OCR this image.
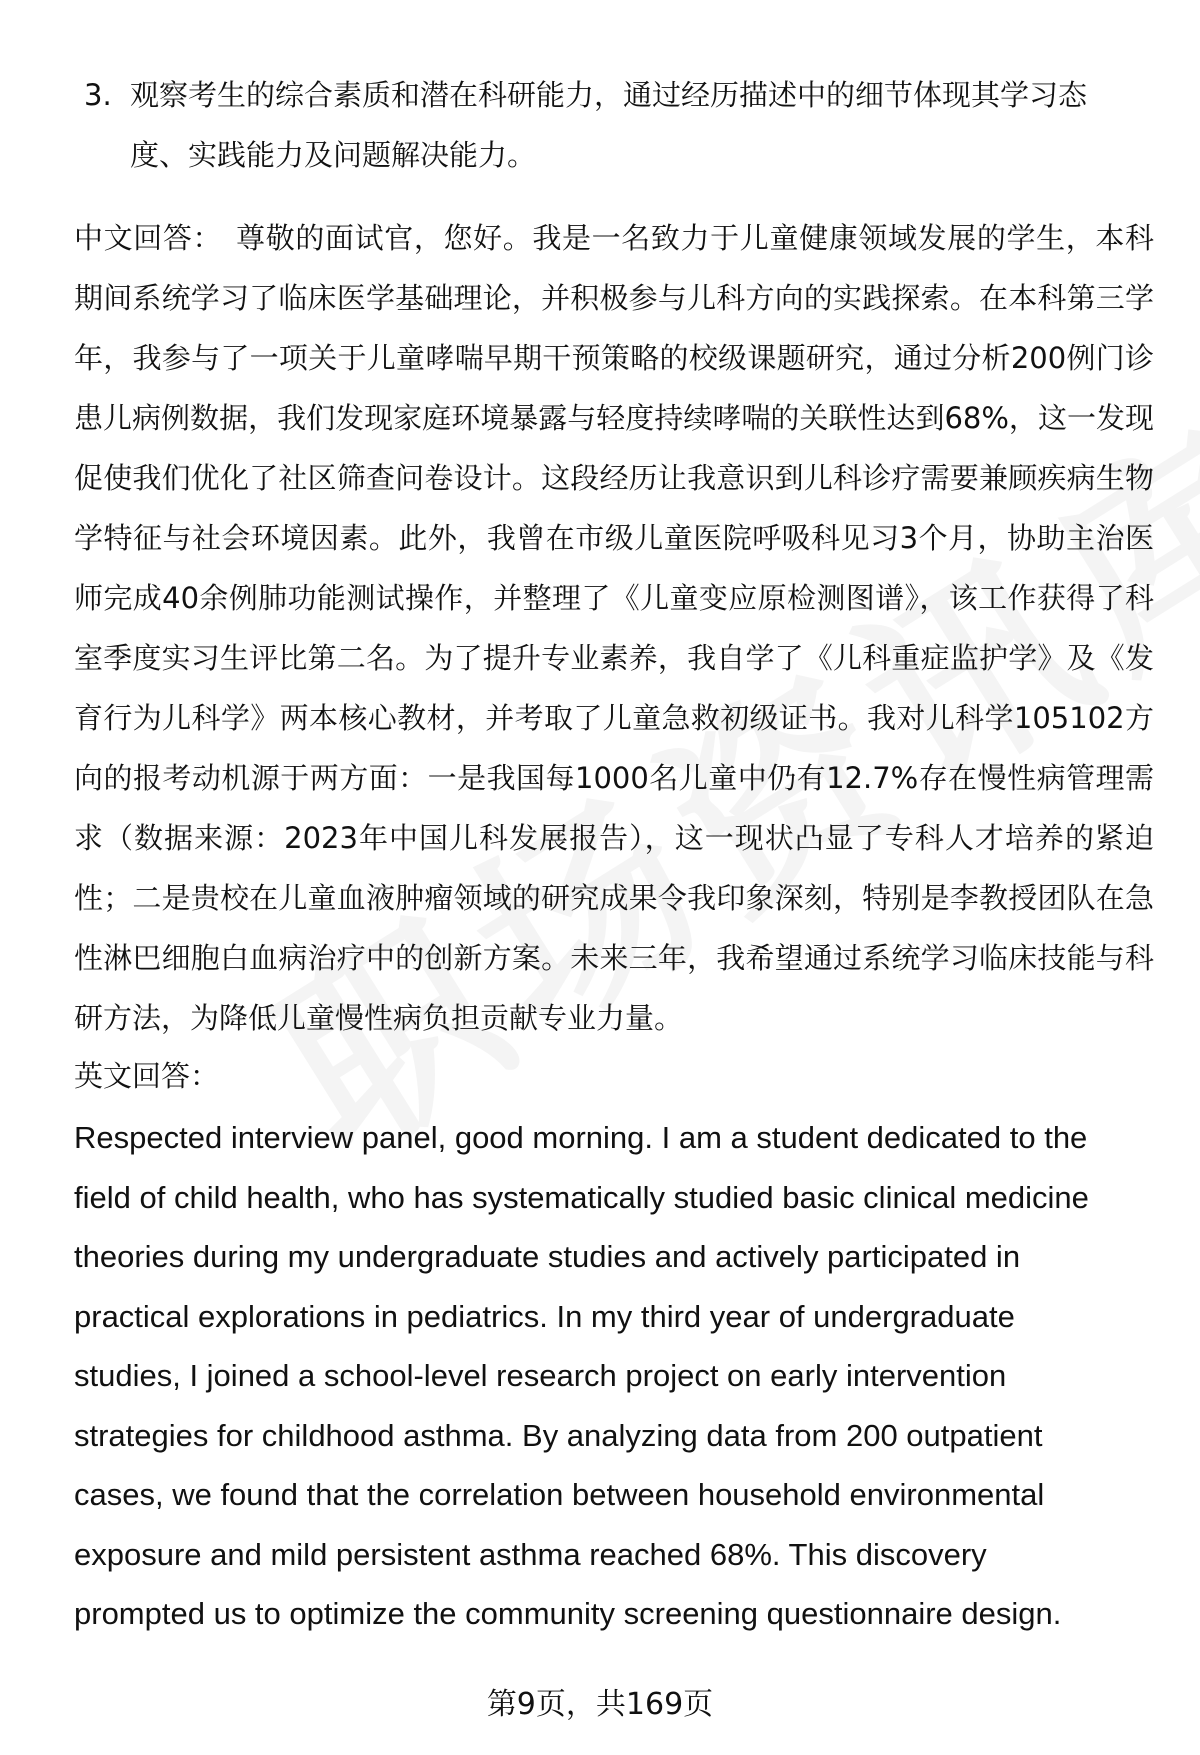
3. 观察考生的综合素质和潜在科研能力，通过经历描述中的细节体现其学习态度、实践能力及问题解决能力。
中文回答： 尊敬的面试官，您好。我是一名致力于儿童健康领域发展的学生，本科期间系统学习了临床医学基础理论，并积极参与儿科方向的实践探索。在本科第三学年，我参与了一项关于儿童哮喘早期干预策略的校级课题研究，通过分析200例门诊患儿病例数据，我们发现家庭环境暴露与轻度持续哮喘的关联性达到68%，这一发现促使我们优化了社区筛查问卷设计。这段经历让我意识到儿科诊疗需要兼顾疾病生物学特征与社会环境因素。此外，我曾在市级儿童医院呼吸科见习3个月，协助主治医师完成40余例肺功能测试操作，并整理了《儿童变应原检测图谱》，该工作获得了科室季度实习生评比第二名。为了提升专业素养，我自学了《儿科重症监护学》及《发育行为儿科学》两本核心教材，并考取了儿童急救初级证书。我对儿科学105102方向的报考动机源于两方面：一是我国每1000名儿童中仍有12.7%存在慢性病管理需求（数据来源：2023年中国儿科发展报告），这一现状凸显了专科人才培养的紧迫性；二是贵校在儿童血液肿瘤领域的研究成果令我印象深刻，特别是李教授团队在急性淋巴细胞白血病治疗中的创新方案。未来三年，我希望通过系统学习临床技能与科研方法，为降低儿童慢性病负担贡献专业力量。
英文回答：
Respected interview panel, good morning. I am a student dedicated to the
field of child health, who has systematically studied basic clinical medicine
theories during my undergraduate studies and actively participated in
practical explorations in pediatrics. In my third year of undergraduate
studies, I joined a school-level research project on early intervention
strategies for childhood asthma. By analyzing data from 200 outpatient
cases, we found that the correlation between household environmental
exposure and mild persistent asthma reached 68%. This discovery
prompted us to optimize the community screening questionnaire design.
第9页，共169页
